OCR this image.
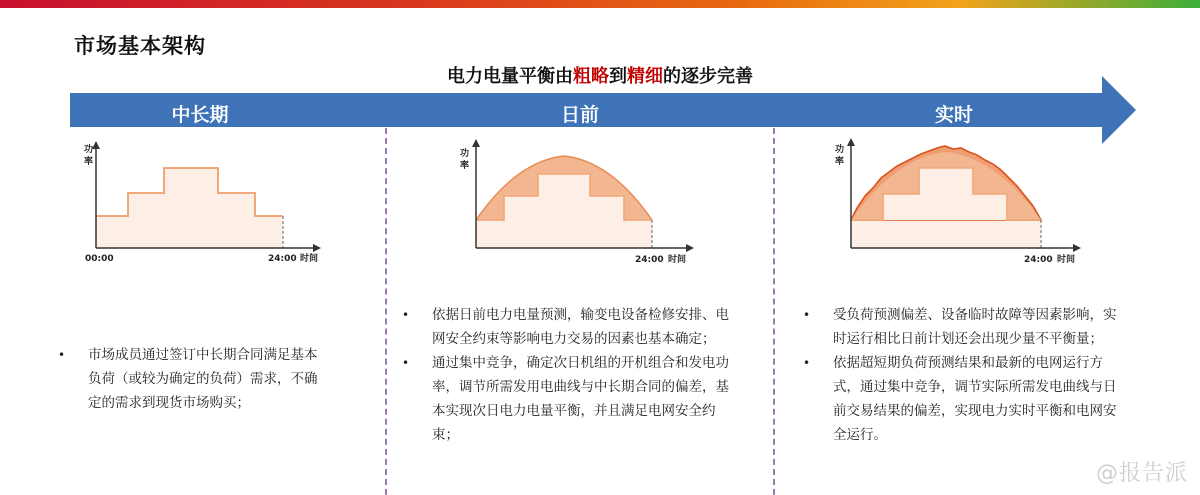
市场基本架构
电力电量平衡由粗略到精细的逐步完善
中长期	日前	实时
功
率
00:00	24:00 时间
功
率
24:00 时间
功
率
24:00 时间
• 市场成员通过签订中长期合同满足基本负荷（或较为确定的负荷）需求，不确定的需求到现货市场购买；
• 依据日前电力电量预测，输变电设备检修安排、电网安全约束等影响电力交易的因素也基本确定；
• 通过集中竞争，确定次日机组的开机组合和发电功率，调节所需发用电曲线与中长期合同的偏差，基本实现次日电力电量平衡，并且满足电网安全约束；
• 受负荷预测偏差、设备临时故障等因素影响，实时运行相比日前计划还会出现少量不平衡量；
• 依据超短期负荷预测结果和最新的电网运行方式，通过集中竞争，调节实际所需发电曲线与日前交易结果的偏差，实现电力实时平衡和电网安全运行。
@报告派
